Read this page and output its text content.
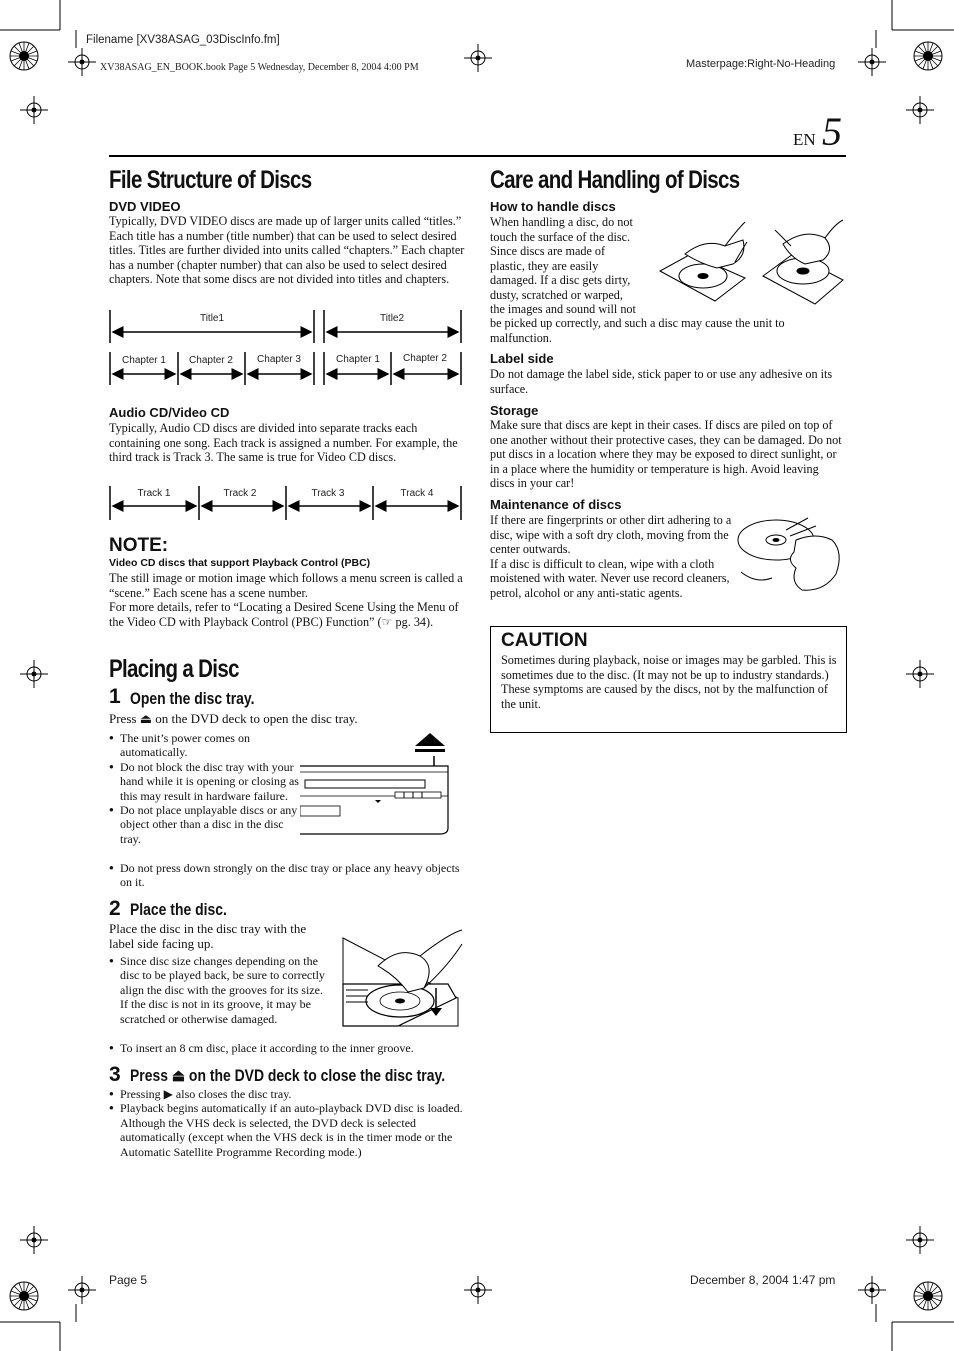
Filename [XV38ASAG_03DiscInfo.fm]
XV38ASAG_EN_BOOK.book Page 5 Wednesday, December 8, 2004 4:00 PM	Masterpage:Right-No-Heading
EN 5
File Structure of Discs
DVD VIDEO
Typically, DVD VIDEO discs are made up of larger units called “titles.” Each title has a number (title number) that can be used to select desired titles. Titles are further divided into units called “chapters.” Each chapter has a number (chapter number) that can also be used to select desired chapters. Note that some discs are not divided into titles and chapters.
Title1	Title2
Chapter 1 Chapter 2 Chapter 3	Chapter 1 Chapter 2
Audio CD/Video CD
Typically, Audio CD discs are divided into separate tracks each containing one song. Each track is assigned a number. For example, the third track is Track 3. The same is true for Video CD discs.
Track 1	Track 2	Track 3	Track 4
NOTE:
Video CD discs that support Playback Control (PBC)

The still image or motion image which follows a menu screen is called a “scene.” Each scene has a scene number.

For more details, refer to “Locating a Desired Scene Using the Menu of the Video CD with Playback Control (PBC) Function” (☞ pg. 34).

Placing a Disc
1 Open the disc tray.
Press ⏏ on the DVD deck to open the disc tray.
● The unit’s power comes on automatically.
● Do not block the disc tray with your hand while it is opening or closing as this may result in hardware failure.
● Do not place unplayable discs or any object other than a disc in the disc tray.
● Do not press down strongly on the disc tray or place any heavy objects on it.
2 Place the disc.
Place the disc in the disc tray with the label side facing up.
● Since disc size changes depending on the disc to be played back, be sure to correctly align the disc with the grooves for its size. If the disc is not in its groove, it may be scratched or otherwise damaged.
● To insert an 8 cm disc, place it according to the inner groove.
3 Press ⏏ on the DVD deck to close the disc tray.
● Pressing ▶ also closes the disc tray.
● Playback begins automatically if an auto-playback DVD disc is loaded. Although the VHS deck is selected, the DVD deck is selected automatically (except when the VHS deck is in the timer mode or the Automatic Satellite Programme Recording mode.)
Care and Handling of Discs
How to handle discs

When handling a disc, do not

touch the surface of the disc.

Since discs are made of

plastic, they are easily

damaged. If a disc gets dirty,

dusty, scratched or warped,

the images and sound will not

be picked up correctly, and such a disc may cause the unit to malfunction.
Label side
Do not damage the label side, stick paper to or use any adhesive on its surface.
Storage
Make sure that discs are kept in their cases. If discs are piled on top of one another without their protective cases, they can be damaged. Do not put discs in a location where they may be exposed to direct sunlight, or in a place where the humidity or temperature is high. Avoid leaving discs in your car!
Maintenance of discs

If there are fingerprints or other dirt adhering to a disc, wipe with a soft dry cloth, moving from the center outwards.

If a disc is difficult to clean, wipe with a cloth moistened with water. Never use record cleaners, petrol, alcohol or any anti-static agents.

CAUTION

Sometimes during playback, noise or images may be garbled. This is sometimes due to the disc. (It may not be up to industry standards.)

These symptoms are caused by the discs, not by the malfunction of the unit.

Page 5	December 8, 2004 1:47 pm
